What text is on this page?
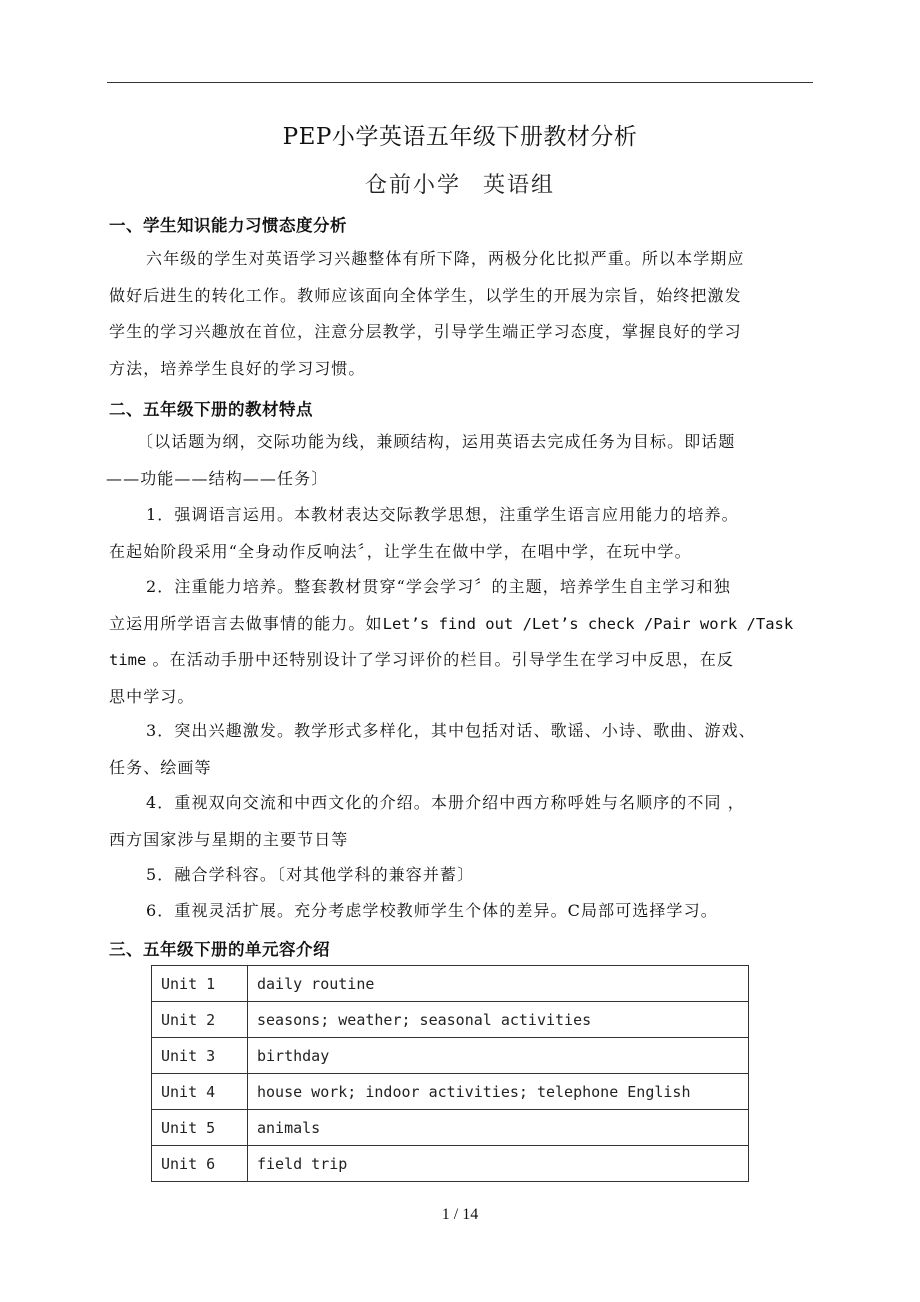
PEP小学英语五年级下册教材分析
仓前小学 英语组
一、学生知识能力习惯态度分析
六年级的学生对英语学习兴趣整体有所下降，两极分化比拟严重。所以本学期应
做好后进生的转化工作。教师应该面向全体学生，以学生的开展为宗旨，始终把激发
学生的学习兴趣放在首位，注意分层教学，引导学生端正学习态度，掌握良好的学习
方法，培养学生良好的学习习惯。
二、五年级下册的教材特点
〔以话题为纲，交际功能为线，兼顾结构，运用英语去完成任务为目标。即话题
——功能——结构——任务〕
1．强调语言运用。本教材表达交际教学思想，注重学生语言应用能力的培养。
在起始阶段采用“全身动作反响法〞，让学生在做中学，在唱中学，在玩中学。
2．注重能力培养。整套教材贯穿“学会学习〞的主题，培养学生自主学习和独
立运用所学语言去做事情的能力。如Let’s find out /Let’s check /Pair work /Task
time 。在活动手册中还特别设计了学习评价的栏目。引导学生在学习中反思，在反
思中学习。
3．突出兴趣激发。教学形式多样化，其中包括对话、歌谣、小诗、歌曲、游戏、
任务、绘画等
4．重视双向交流和中西文化的介绍。本册介绍中西方称呼姓与名顺序的不同 ，
西方国家涉与星期的主要节日等
5．融合学科容。〔对其他学科的兼容并蓄〕
6．重视灵活扩展。充分考虑学校教师学生个体的差异。C局部可选择学习。
三、五年级下册的单元容介绍
Unit 1	daily routine
Unit 2	seasons; weather; seasonal activities
Unit 3	birthday
Unit 4	house work; indoor activities; telephone English
Unit 5	animals
Unit 6	field trip
1 / 14
